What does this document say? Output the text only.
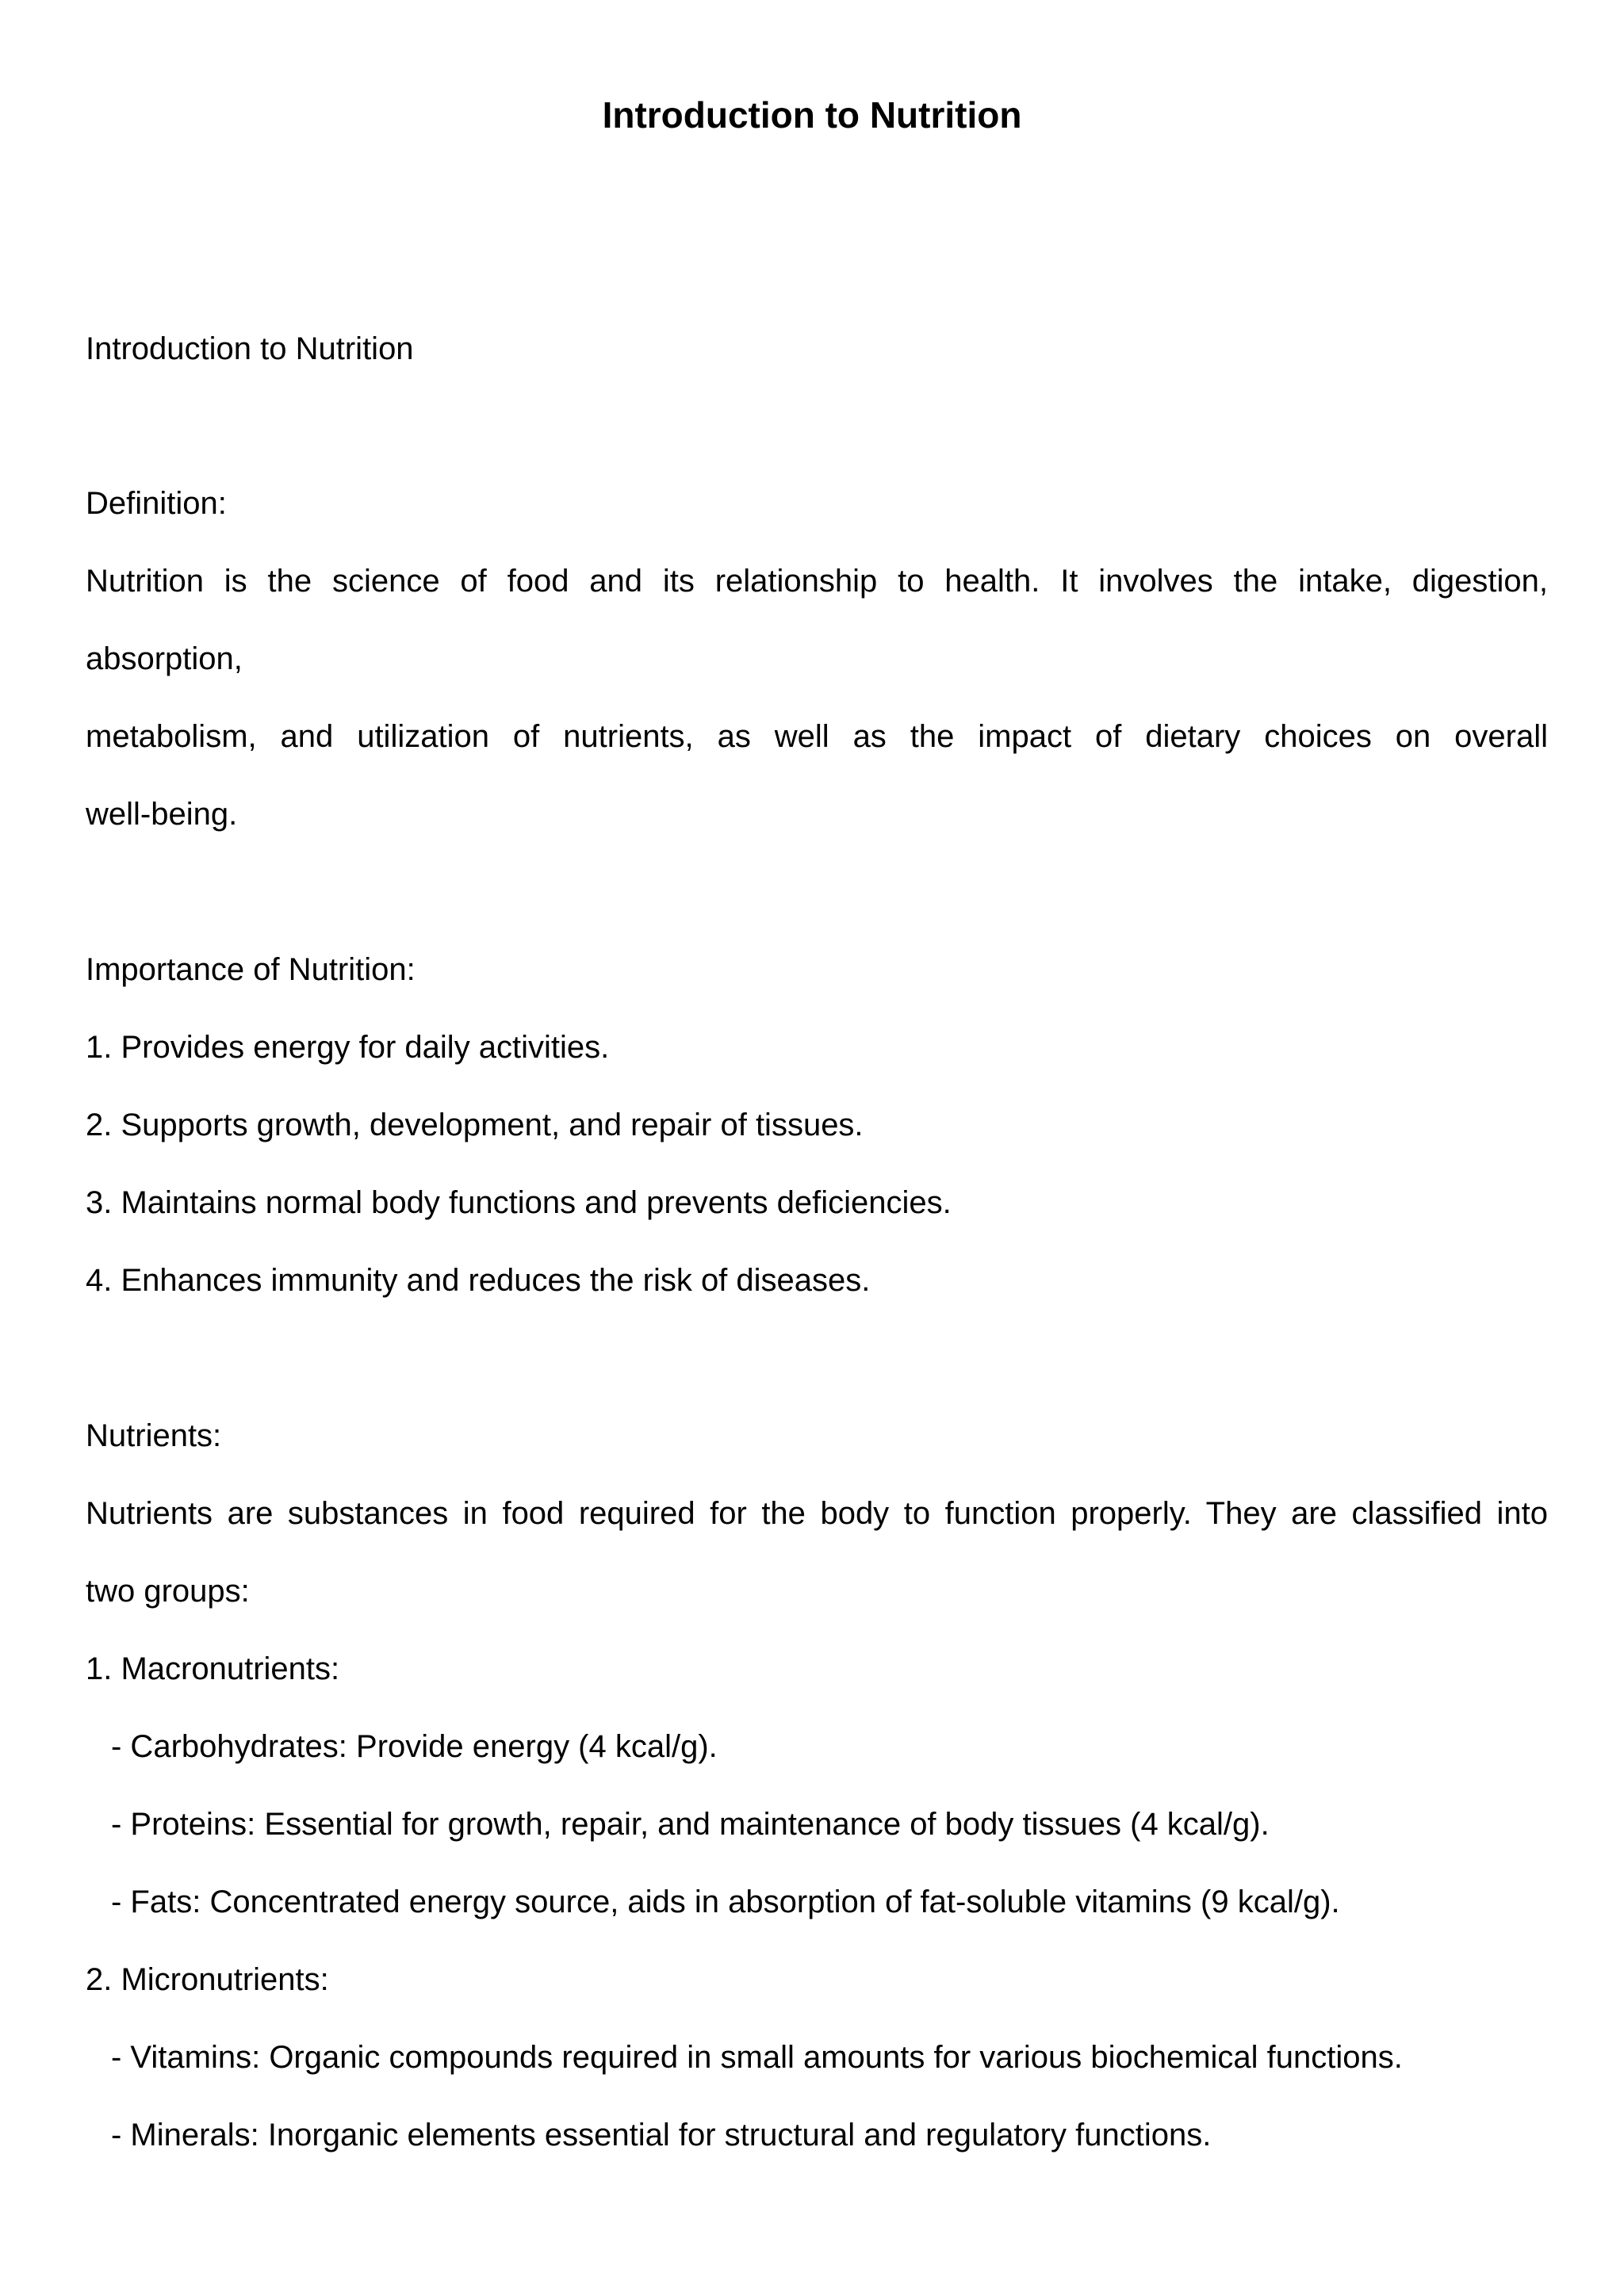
Introduction to Nutrition
Introduction to Nutrition
Definition:
Nutrition is the science of food and its relationship to health. It involves the intake, digestion,
absorption,
metabolism, and utilization of nutrients, as well as the impact of dietary choices on overall
well-being.
Importance of Nutrition:
1. Provides energy for daily activities.
2. Supports growth, development, and repair of tissues.
3. Maintains normal body functions and prevents deficiencies.
4. Enhances immunity and reduces the risk of diseases.
Nutrients:
Nutrients are substances in food required for the body to function properly. They are classified into
two groups:
1. Macronutrients:
- Carbohydrates: Provide energy (4 kcal/g).
- Proteins: Essential for growth, repair, and maintenance of body tissues (4 kcal/g).
- Fats: Concentrated energy source, aids in absorption of fat-soluble vitamins (9 kcal/g).
2. Micronutrients:
- Vitamins: Organic compounds required in small amounts for various biochemical functions.
- Minerals: Inorganic elements essential for structural and regulatory functions.
